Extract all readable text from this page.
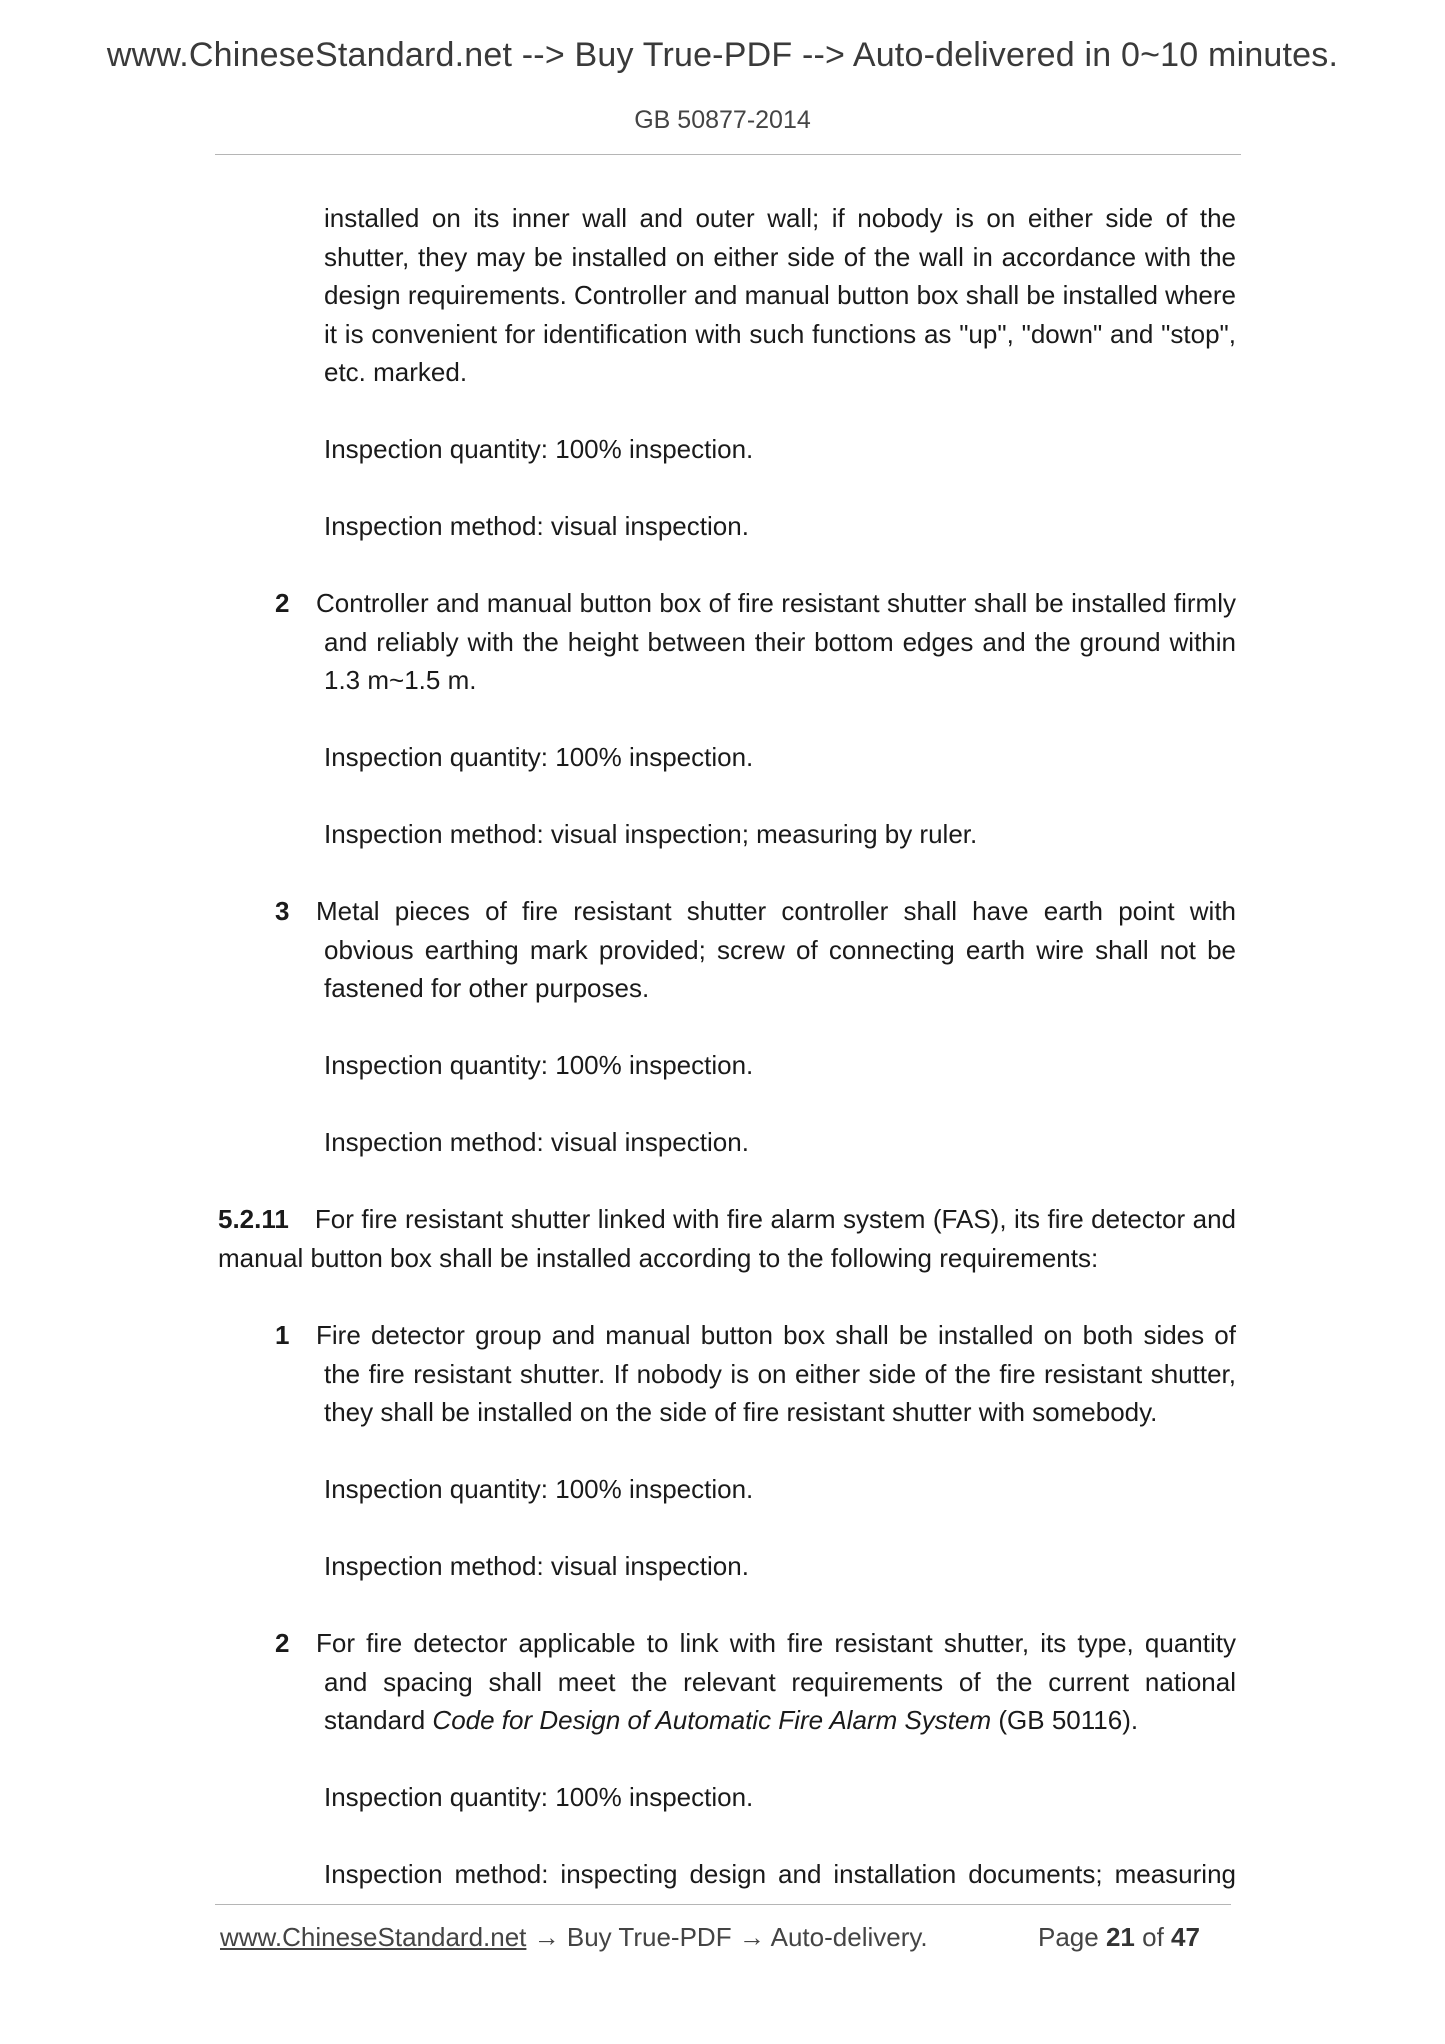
www.ChineseStandard.net --> Buy True-PDF --> Auto-delivered in 0~10 minutes.
GB 50877-2014

installed on its inner wall and outer wall; if nobody is on either side of the shutter, they may be installed on either side of the wall in accordance with the design requirements. Controller and manual button box shall be installed where it is convenient for identification with such functions as "up", "down" and "stop", etc. marked.

Inspection quantity: 100% inspection.

Inspection method: visual inspection.

2	Controller and manual button box of fire resistant shutter shall be installed firmly and reliably with the height between their bottom edges and the ground within 1.3 m~1.5 m.

Inspection quantity: 100% inspection.

Inspection method: visual inspection; measuring by ruler.

3	Metal pieces of fire resistant shutter controller shall have earth point with obvious earthing mark provided; screw of connecting earth wire shall not be fastened for other purposes.

Inspection quantity: 100% inspection.

Inspection method: visual inspection.

5.2.11 For fire resistant shutter linked with fire alarm system (FAS), its fire detector and manual button box shall be installed according to the following requirements:

1	Fire detector group and manual button box shall be installed on both sides of the fire resistant shutter. If nobody is on either side of the fire resistant shutter, they shall be installed on the side of fire resistant shutter with somebody.

Inspection quantity: 100% inspection.

Inspection method: visual inspection.

2	For fire detector applicable to link with fire resistant shutter, its type, quantity and spacing shall meet the relevant requirements of the current national standard Code for Design of Automatic Fire Alarm System (GB 50116).

Inspection quantity: 100% inspection.

Inspection method: inspecting design and installation documents; measuring

www.ChineseStandard.net → Buy True-PDF → Auto-delivery.	Page 21 of 47
